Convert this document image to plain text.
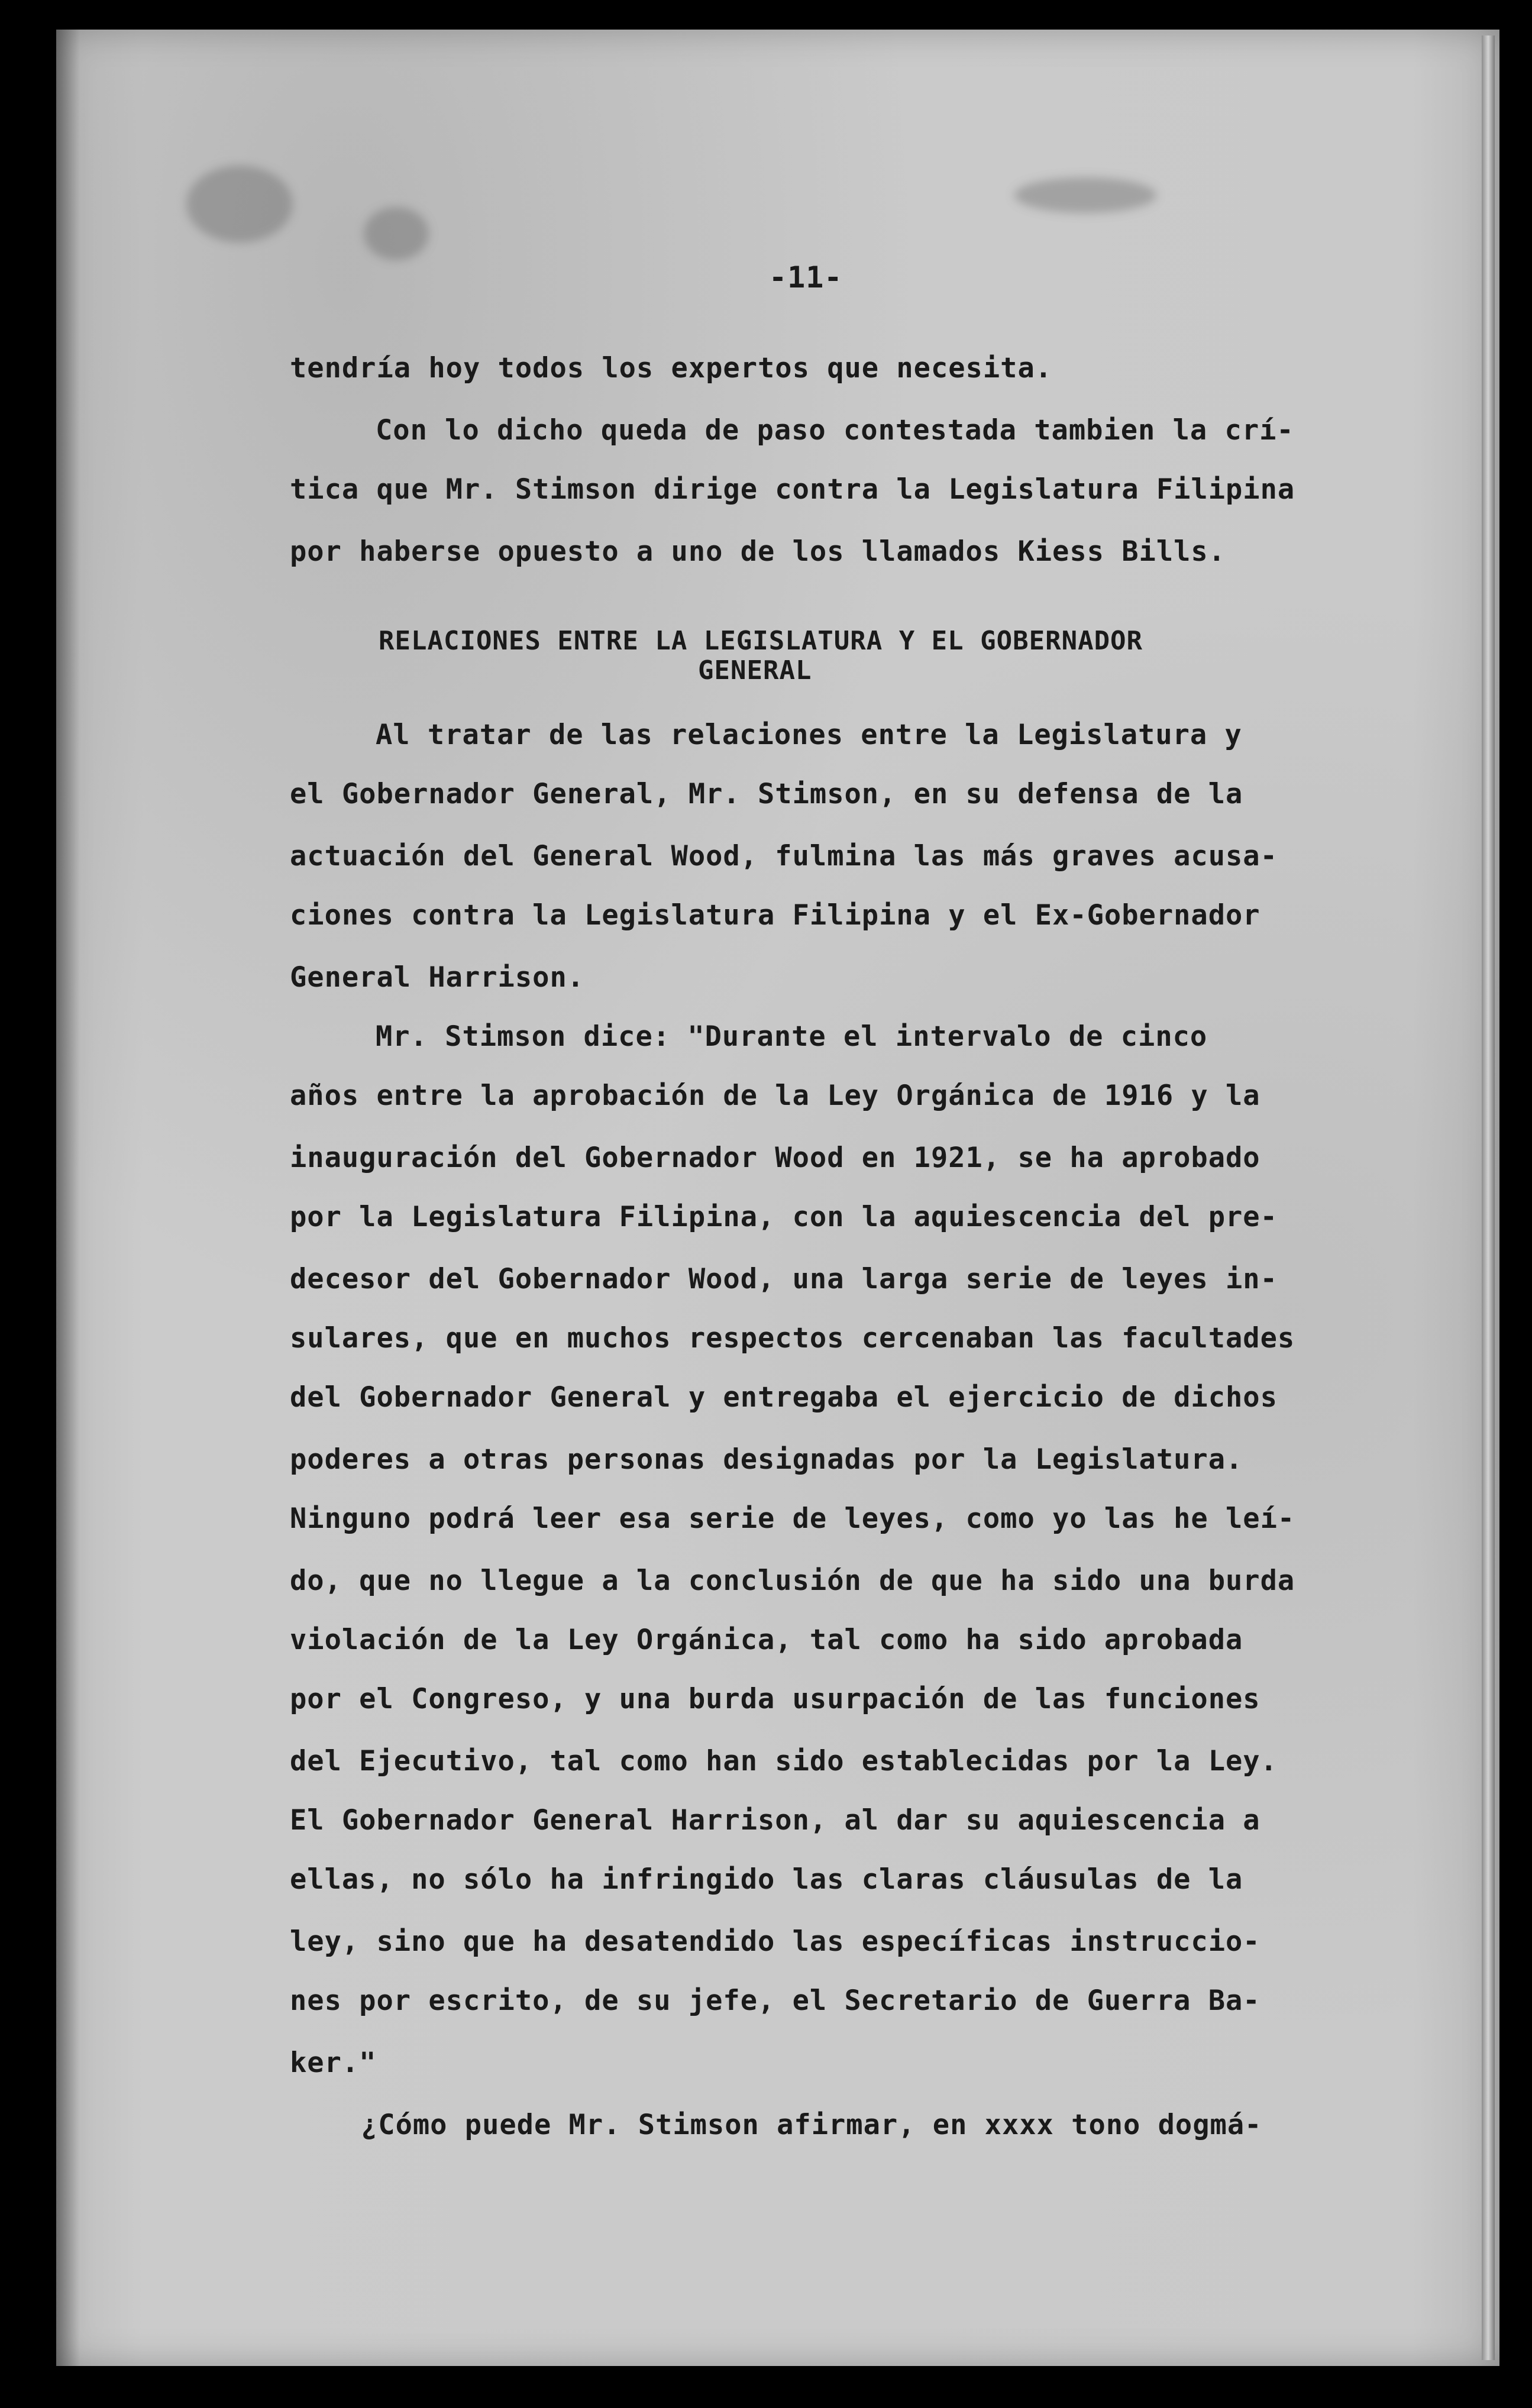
-11-
tendría hoy todos los expertos que necesita.
Con lo dicho queda de paso contestada tambien la crí-
tica que Mr. Stimson dirige contra la Legislatura Filipina
por haberse opuesto a uno de los llamados Kiess Bills.
RELACIONES ENTRE LA LEGISLATURA Y EL GOBERNADOR
GENERAL
Al tratar de las relaciones entre la Legislatura y
el Gobernador General, Mr. Stimson, en su defensa de la
actuación del General Wood, fulmina las más graves acusa-
ciones contra la Legislatura Filipina y el Ex-Gobernador
General Harrison.
Mr. Stimson dice: "Durante el intervalo de cinco
años entre la aprobación de la Ley Orgánica de 1916 y la
inauguración del Gobernador Wood en 1921, se ha aprobado
por la Legislatura Filipina, con la aquiescencia del pre-
decesor del Gobernador Wood, una larga serie de leyes in-
sulares, que en muchos respectos cercenaban las facultades
del Gobernador General y entregaba el ejercicio de dichos
poderes a otras personas designadas por la Legislatura.
Ninguno podrá leer esa serie de leyes, como yo las he leí-
do, que no llegue a la conclusión de que ha sido una burda
violación de la Ley Orgánica, tal como ha sido aprobada
por el Congreso, y una burda usurpación de las funciones
del Ejecutivo, tal como han sido establecidas por la Ley.
El Gobernador General Harrison, al dar su aquiescencia a
ellas, no sólo ha infringido las claras cláusulas de la
ley, sino que ha desatendido las específicas instruccio-
nes por escrito, de su jefe, el Secretario de Guerra Ba-
ker."
¿Cómo puede Mr. Stimson afirmar, en xxxx tono dogmá-
